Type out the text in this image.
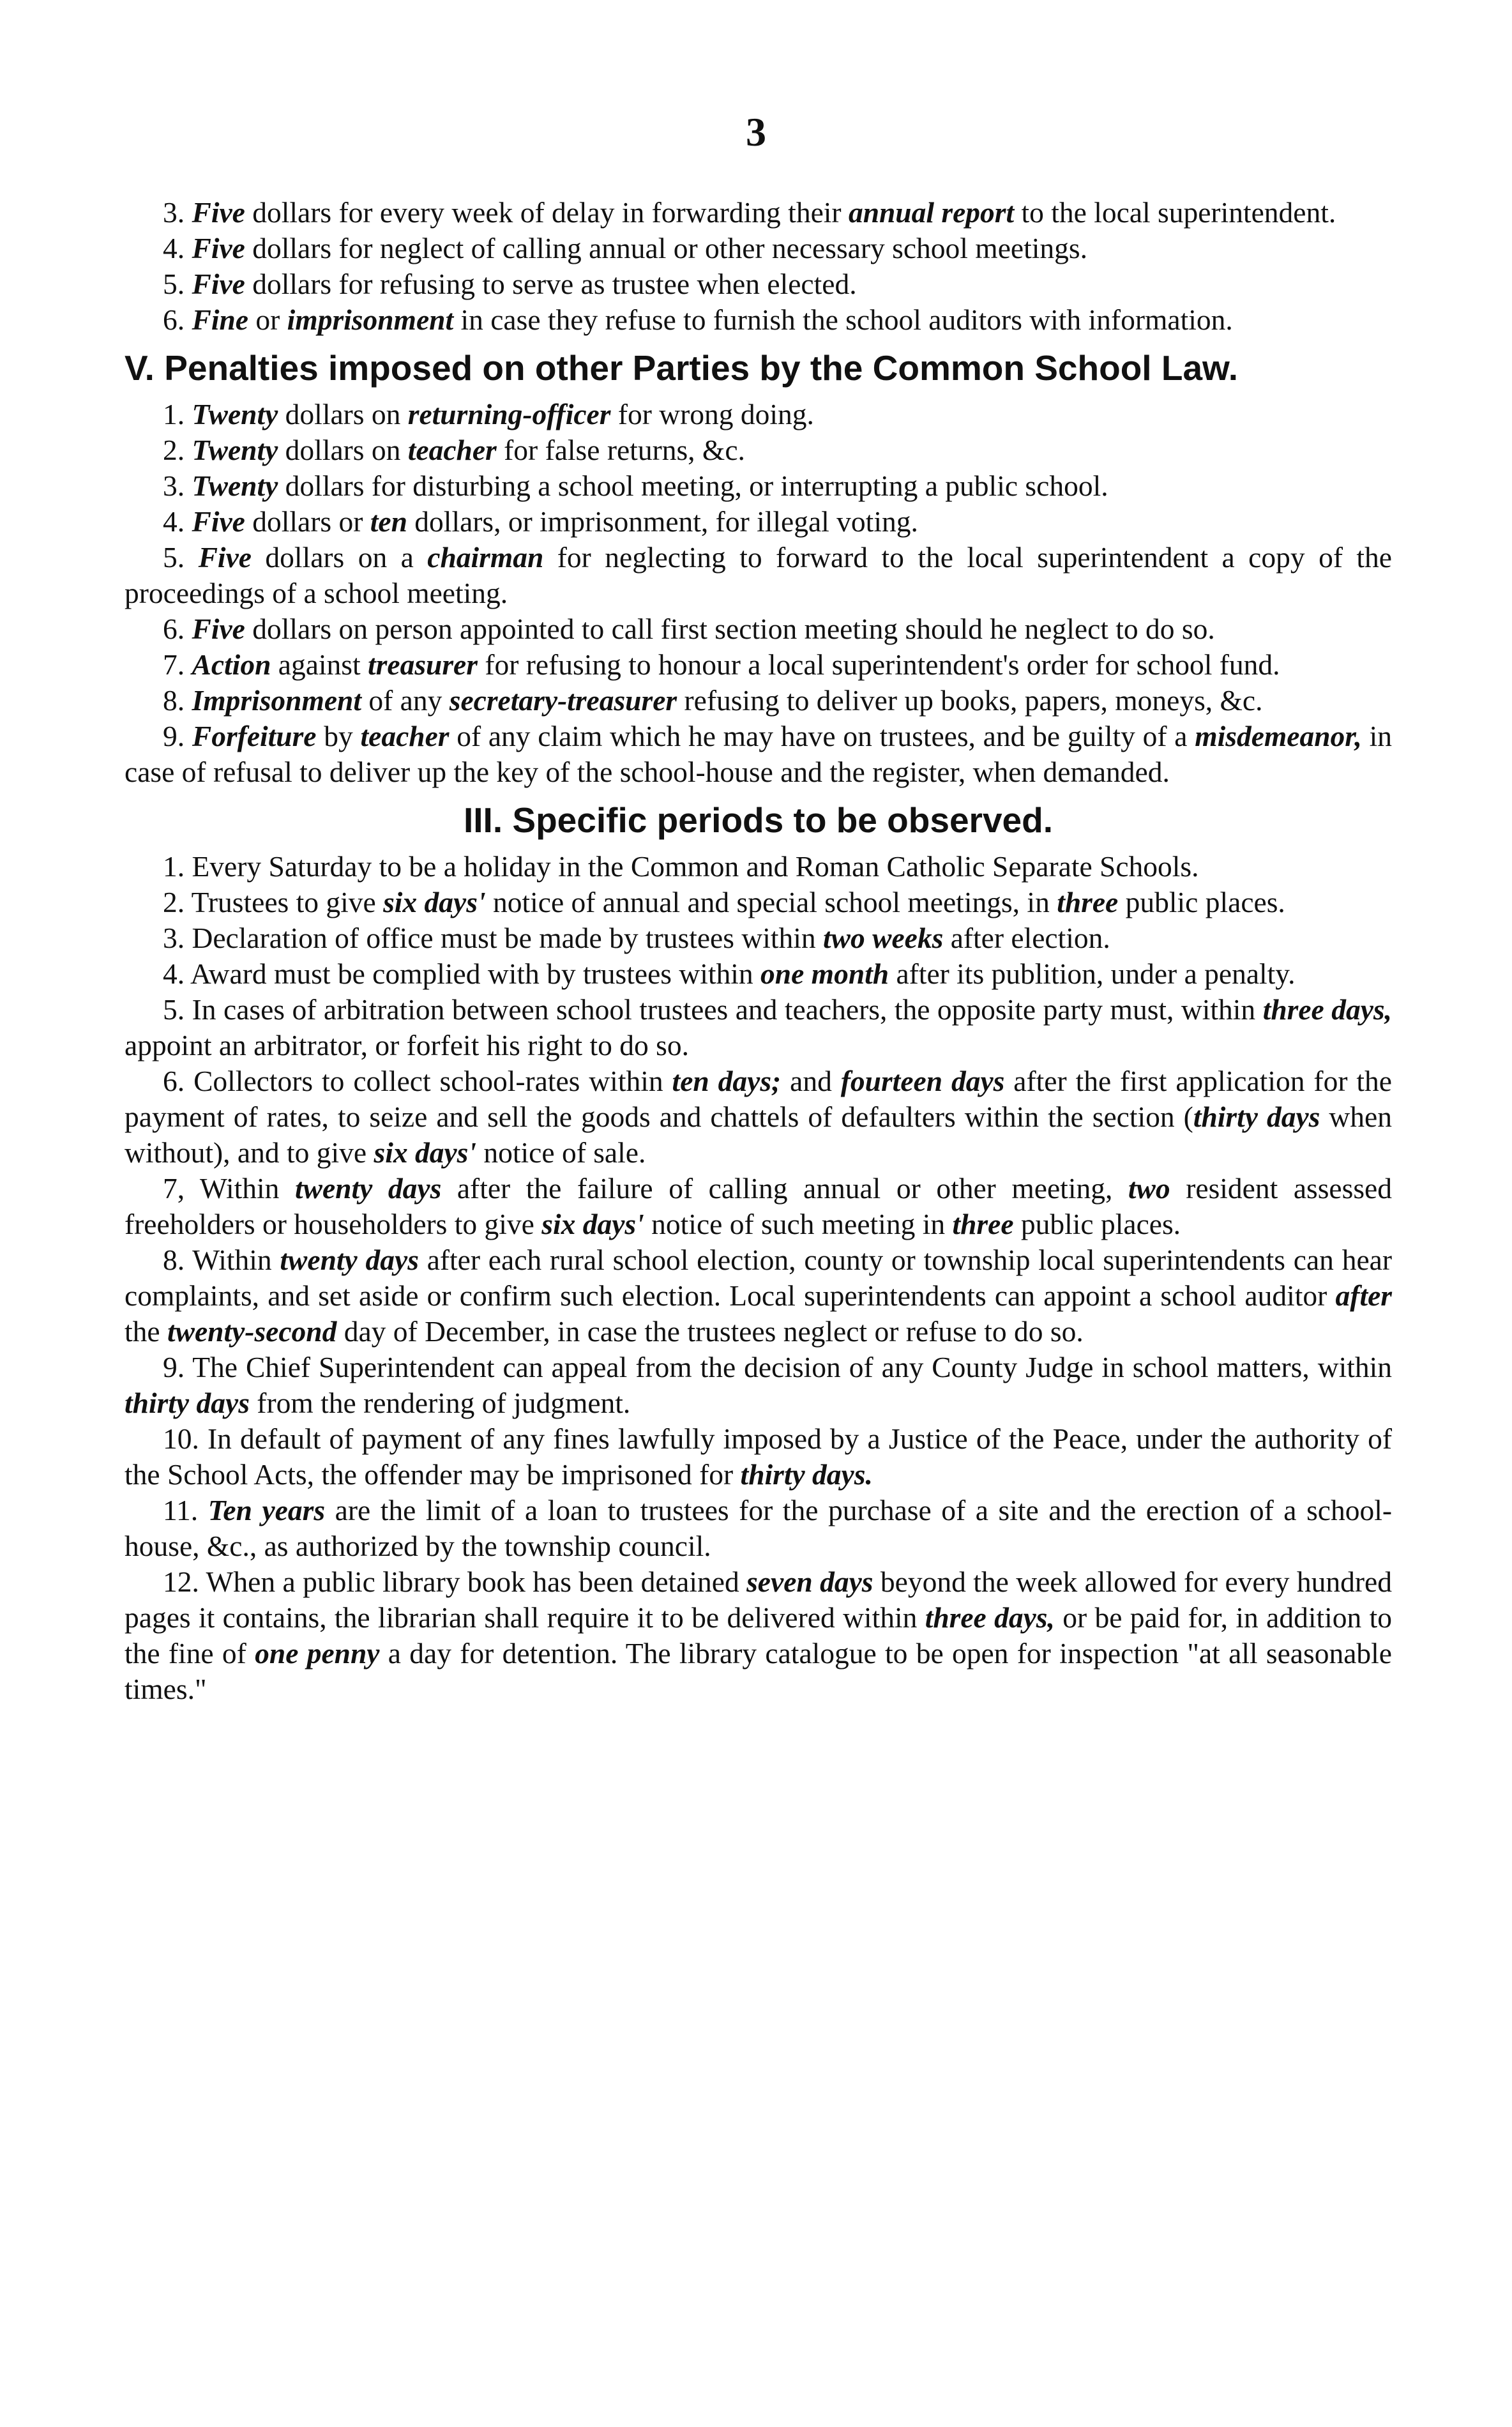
3

3. Five dollars for every week of delay in forwarding their annual report to the local superintendent.

4. Five dollars for neglect of calling annual or other necessary school meetings.

5. Five dollars for refusing to serve as trustee when elected.

6. Fine or imprisonment in case they refuse to furnish the school auditors with information.

V. Penalties imposed on other Parties by the Common School Law.

1. Twenty dollars on returning-officer for wrong doing.

2. Twenty dollars on teacher for false returns, &c.

3. Twenty dollars for disturbing a school meeting, or interrupting a public school.

4. Five dollars or ten dollars, or imprisonment, for illegal voting.

5. Five dollars on a chairman for neglecting to forward to the local superintendent a copy of the proceedings of a school meeting.

6. Five dollars on person appointed to call first section meeting should he neglect to do so.

7. Action against treasurer for refusing to honour a local superintendent's order for school fund.

8. Imprisonment of any secretary-treasurer refusing to deliver up books, papers, moneys, &c.

9. Forfeiture by teacher of any claim which he may have on trustees, and be guilty of a misdemeanor, in case of refusal to deliver up the key of the school-house and the register, when demanded.

III. Specific periods to be observed.

1. Every Saturday to be a holiday in the Common and Roman Catholic Separate Schools.

2. Trustees to give six days' notice of annual and special school meetings, in three public places.

3. Declaration of office must be made by trustees within two weeks after election.

4. Award must be complied with by trustees within one month after its publition, under a penalty.

5. In cases of arbitration between school trustees and teachers, the opposite party must, within three days, appoint an arbitrator, or forfeit his right to do so.

6. Collectors to collect school-rates within ten days; and fourteen days after the first application for the payment of rates, to seize and sell the goods and chattels of defaulters within the section (thirty days when without), and to give six days' notice of sale.

7, Within twenty days after the failure of calling annual or other meeting, two resident assessed freeholders or householders to give six days' notice of such meeting in three public places.

8. Within twenty days after each rural school election, county or township local superintendents can hear complaints, and set aside or confirm such election. Local superintendents can appoint a school auditor after the twenty-second day of December, in case the trustees neglect or refuse to do so.

9. The Chief Superintendent can appeal from the decision of any County Judge in school matters, within thirty days from the rendering of judgment.

10. In default of payment of any fines lawfully imposed by a Justice of the Peace, under the authority of the School Acts, the offender may be imprisoned for thirty days.

11. Ten years are the limit of a loan to trustees for the purchase of a site and the erection of a school-house, &c., as authorized by the township council.

12. When a public library book has been detained seven days beyond the week allowed for every hundred pages it contains, the librarian shall require it to be delivered within three days, or be paid for, in addition to the fine of one penny a day for detention. The library catalogue to be open for inspection "at all seasonable times."
